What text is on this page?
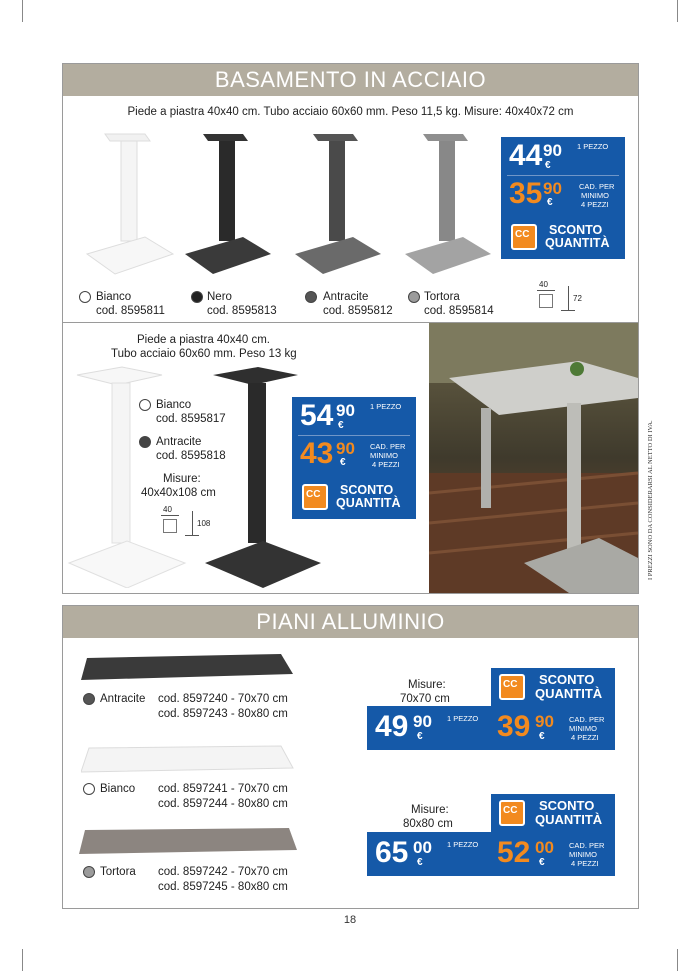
I PREZZI SONO DA CONSIDERARSI AL NETTO DI IVA.
BASAMENTO IN ACCIAIO
Piede a piastra 40x40 cm. Tubo acciaio 60x60 mm. Peso 11,5 kg. Misure: 40x40x72 cm
Bianco
cod. 8595811
Nero
cod. 8595813
Antracite
cod. 8595812
Tortora
cod. 8595814
40
72
44 90
€
1 PEZZO
35 90
€
CAD. PER
MINIMO
4 PEZZI
CC SCONTO
QUANTITÀ
Piede a piastra 40x40 cm.
Tubo acciaio 60x60 mm. Peso 13 kg
Bianco
cod. 8595817
Antracite
cod. 8595818
Misure:
40x40x108 cm
40
108
54 90
€
1 PEZZO
43 90
€
CAD. PER
MINIMO
4 PEZZI
CC SCONTO
QUANTITÀ
PIANI ALLUMINIO
Antracite cod. 8597240 - 70x70 cm
cod. 8597243 - 80x80 cm
Bianco cod. 8597241 - 70x70 cm
cod. 8597244 - 80x80 cm
Tortora cod. 8597242 - 70x70 cm
cod. 8597245 - 80x80 cm
Misure:
70x70 cm
CC SCONTO
QUANTITÀ
49 90
€
1 PEZZO 39 90
€
CAD. PER
MINIMO
4 PEZZI
Misure:
80x80 cm
CC SCONTO
QUANTITÀ
65 00
€
1 PEZZO 52 00
€
CAD. PER
MINIMO
4 PEZZI
18
